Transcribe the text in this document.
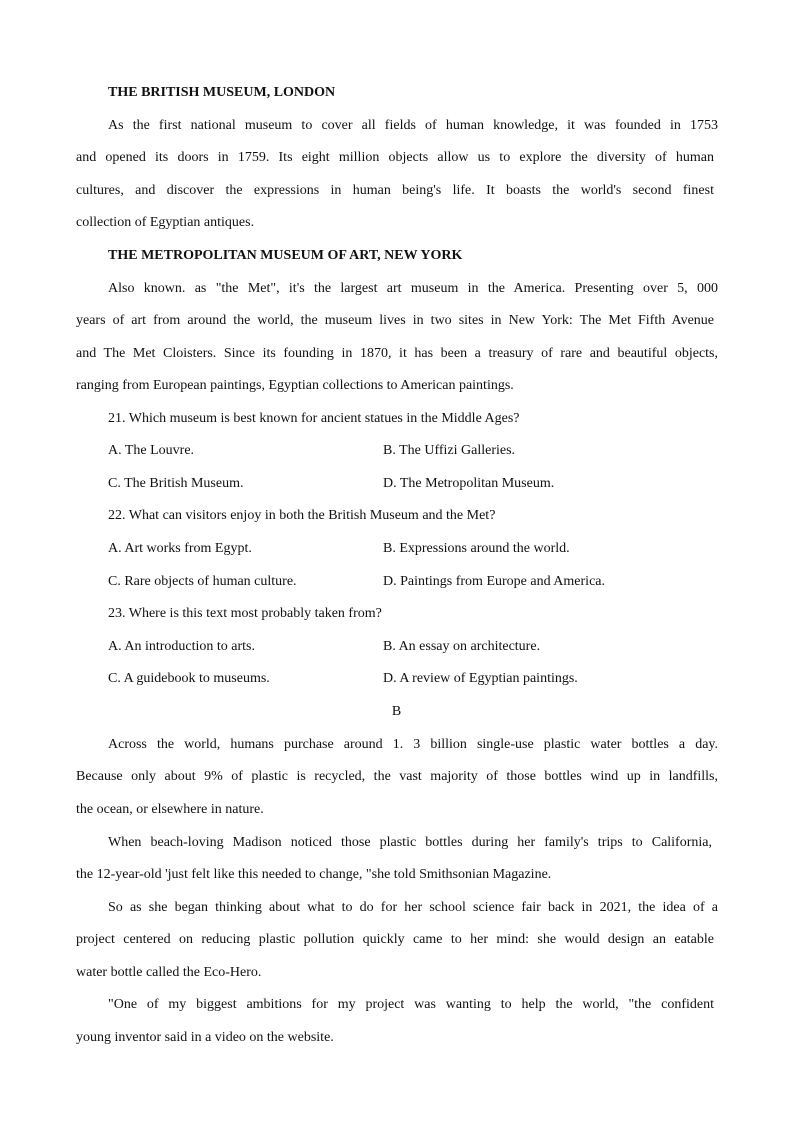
THE BRITISH MUSEUM, LONDON
As the first national museum to cover all fields of human knowledge, it was founded in 1753
and opened its doors in 1759. Its eight million objects allow us to explore the diversity of human
cultures, and discover the expressions in human being's life. It boasts the world's second finest
collection of Egyptian antiques.
THE METROPOLITAN MUSEUM OF ART, NEW YORK
Also known. as "the Met", it's the largest art museum in the America. Presenting over 5, 000
years of art from around the world, the museum lives in two sites in New York: The Met Fifth Avenue
and The Met Cloisters. Since its founding in 1870, it has been a treasury of rare and beautiful objects,
ranging from European paintings, Egyptian collections to American paintings.
21. Which museum is best known for ancient statues in the Middle Ages?
A. The Louvre.	B. The Uffizi Galleries.
C. The British Museum.	D. The Metropolitan Museum.
22. What can visitors enjoy in both the British Museum and the Met?
A. Art works from Egypt.	B. Expressions around the world.
C. Rare objects of human culture.	D. Paintings from Europe and America.
23. Where is this text most probably taken from?
A. An introduction to arts.	B. An essay on architecture.
C. A guidebook to museums.	D. A review of Egyptian paintings.
B
Across the world, humans purchase around 1. 3 billion single-use plastic water bottles a day.
Because only about 9% of plastic is recycled, the vast majority of those bottles wind up in landfills,
the ocean, or elsewhere in nature.
When beach-loving Madison noticed those plastic bottles during her family's trips to California,
the 12-year-old 'just felt like this needed to change, "she told Smithsonian Magazine.
So as she began thinking about what to do for her school science fair back in 2021, the idea of a
project centered on reducing plastic pollution quickly came to her mind: she would design an eatable
water bottle called the Eco-Hero.
"One of my biggest ambitions for my project was wanting to help the world, "the confident
young inventor said in a video on the website.
